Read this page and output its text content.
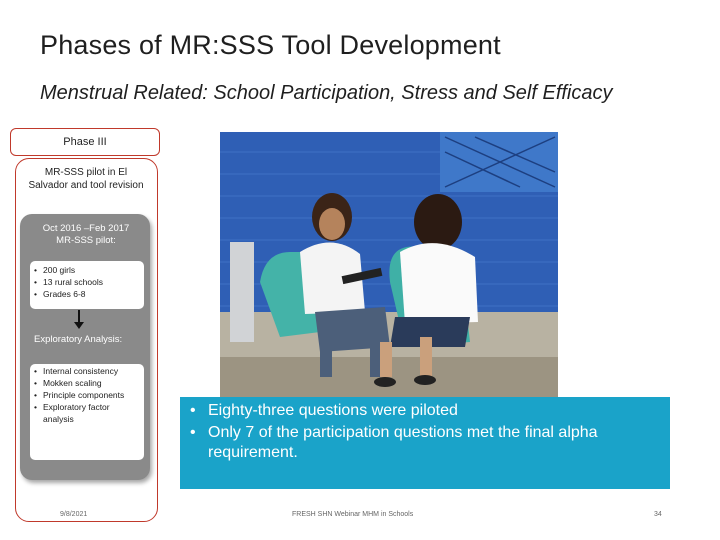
Phases of MR:SSS Tool Development
Menstrual Related: School Participation, Stress and Self Efficacy
Phase III
MR-SSS pilot in El Salvador and tool revision
Oct 2016 –Feb 2017
MR-SSS pilot:
• 200 girls
• 13 rural schools
• Grades 6-8
Exploratory Analysis:
• Internal consistency
• Mokken scaling
• Principle components
• Exploratory factor analysis
•	Eighty-three questions were piloted
• Only 7 of the participation questions met the final alpha requirement.
9/8/2021	FRESH SHN Webinar MHM in Schools	34
